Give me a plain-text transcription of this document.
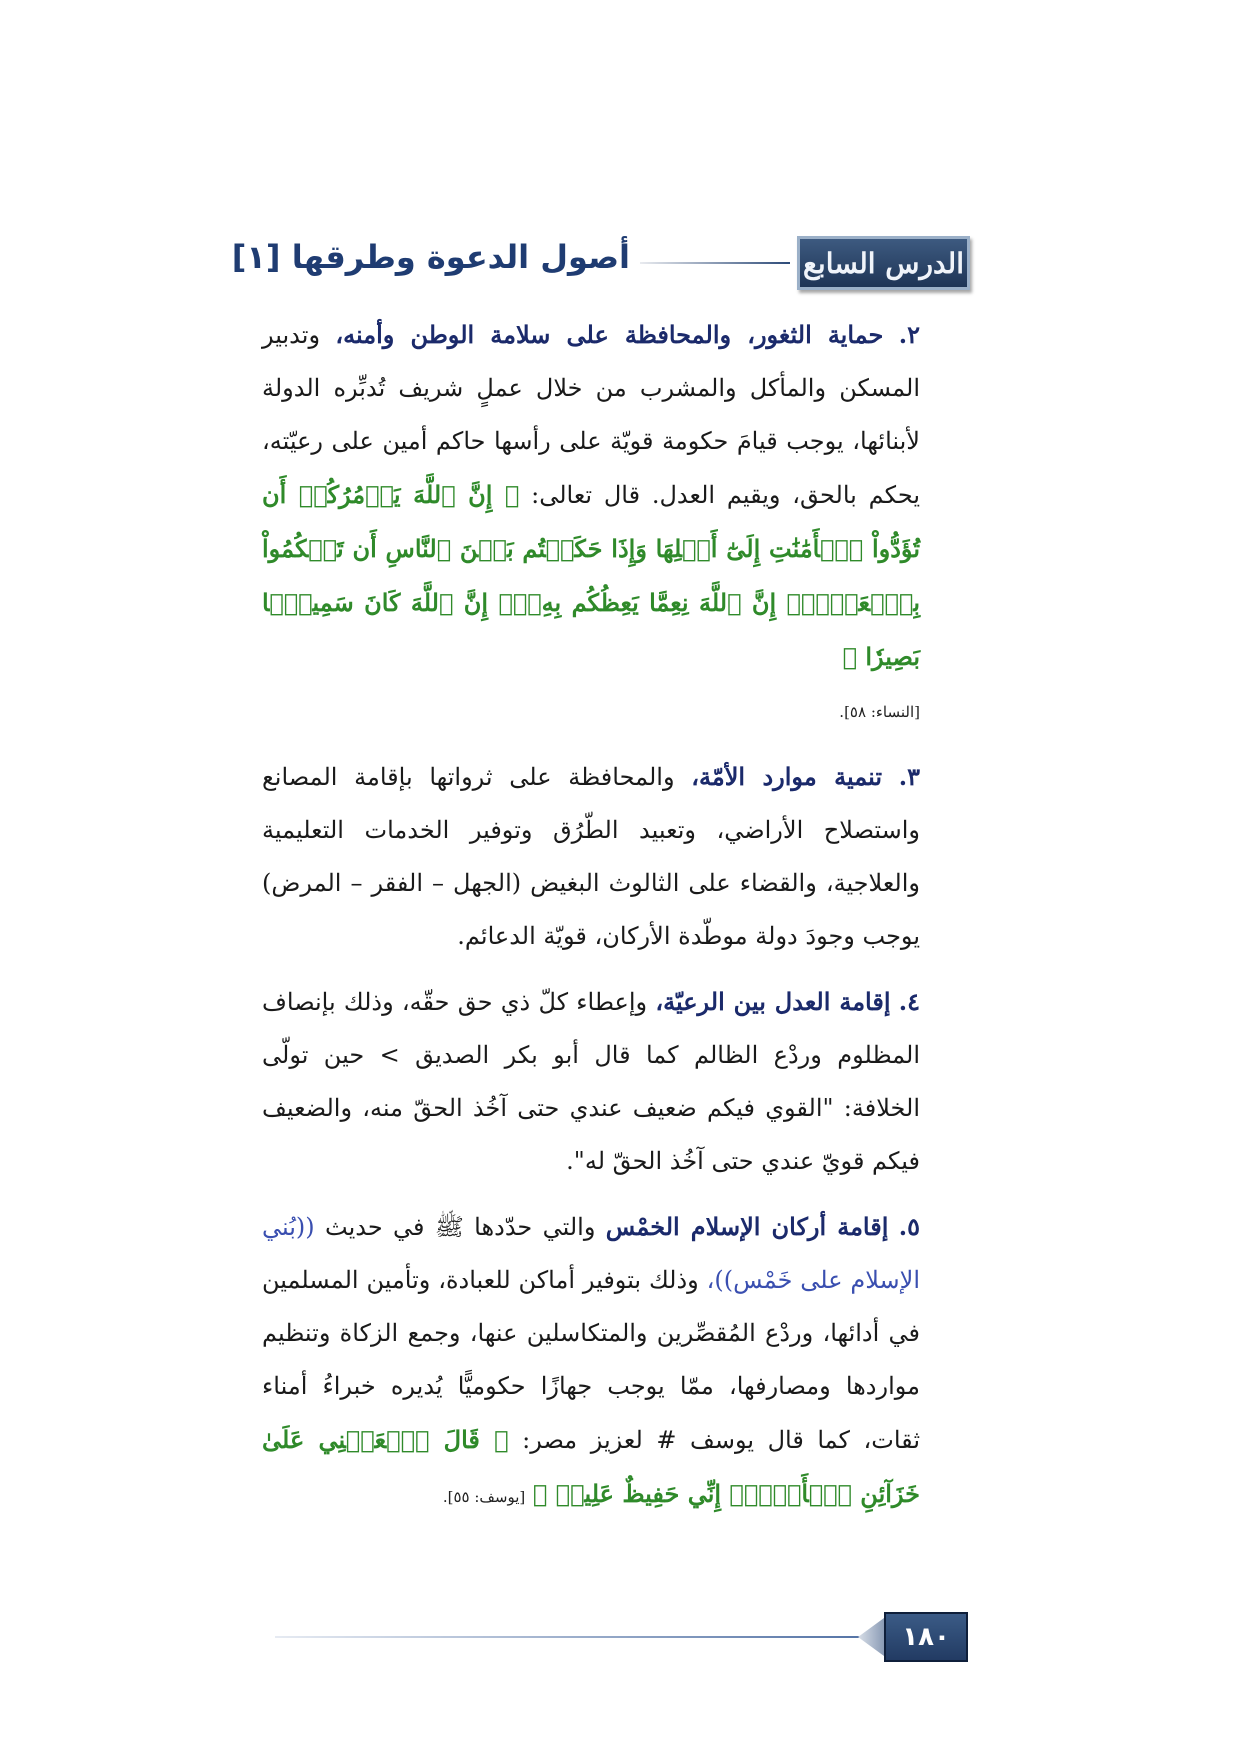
الدرس السابع
أصول الدعوة وطرقها [١]

٢. حماية الثغور، والمحافظة على سلامة الوطن وأمنه، وتدبير المسكن والمأكل والمشرب من خلال عملٍ شريف تُدبِّره الدولة لأبنائها، يوجب قيامَ حكومة قويّة على رأسها حاكم أمين على رعيّته، يحكم بالحق، ويقيم العدل. قال تعالى: ﴿ إِنَّ ٱللَّهَ يَأۡمُرُكُمۡ أَن تُؤَدُّواْ ٱلۡأَمَٰنَٰتِ إِلَىٰٓ أَهۡلِهَا وَإِذَا حَكَمۡتُم بَيۡنَ ٱلنَّاسِ أَن تَحۡكُمُواْ بِٱلۡعَدۡلِۚ إِنَّ ٱللَّهَ نِعِمَّا يَعِظُكُم بِهِۦٓۗ إِنَّ ٱللَّهَ كَانَ سَمِيعَۢا بَصِيرٗا ﴾

[النساء: ٥٨].

٣. تنمية موارد الأمّة، والمحافظة على ثرواتها بإقامة المصانع واستصلاح الأراضي، وتعبيد الطّرُق وتوفير الخدمات التعليمية والعلاجية، والقضاء على الثالوث البغيض (الجهل – الفقر – المرض) يوجب وجودَ دولة موطّدة الأركان، قويّة الدعائم.

٤. إقامة العدل بين الرعيّة، وإعطاء كلّ ذي حق حقّه، وذلك بإنصاف المظلوم وردْع الظالم كما قال أبو بكر الصديق > حين تولّى الخلافة: "القوي فيكم ضعيف عندي حتى آخُذ الحقّ منه، والضعيف فيكم قويّ عندي حتى آخُذ الحقّ له".

٥. إقامة أركان الإسلام الخمْس والتي حدّدها ﷺ في حديث ((بُني الإسلام على خَمْس))، وذلك بتوفير أماكن للعبادة، وتأمين المسلمين في أدائها، وردْع المُقصِّرين والمتكاسلين عنها، وجمع الزكاة وتنظيم مواردها ومصارفها، ممّا يوجب جهازًا حكوميًّا يُديره خبراءُ أمناء ثقات، كما قال يوسف # لعزيز مصر: ﴿ قَالَ ٱجۡعَلۡنِي عَلَىٰ خَزَآئِنِ ٱلۡأَرۡضِۖ إِنِّي حَفِيظٌ عَلِيمٞ ﴾ [يوسف: ٥٥].

١٨٠
